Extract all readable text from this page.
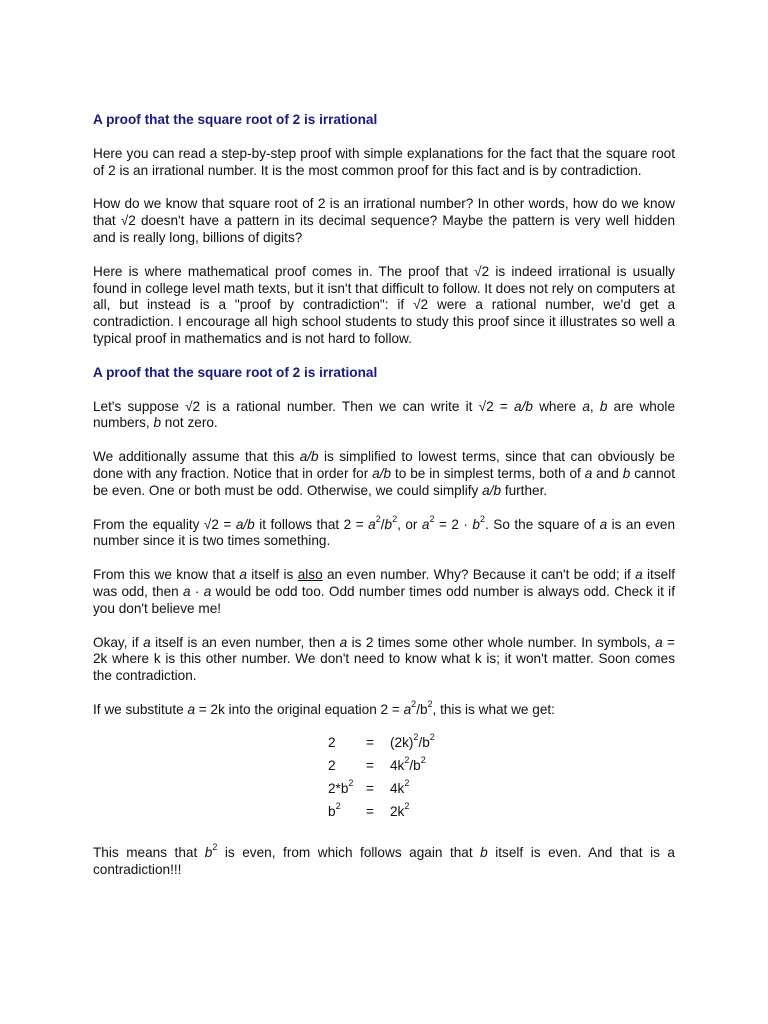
A proof that the square root of 2 is irrational

Here you can read a step-by-step proof with simple explanations for the fact that the square root of 2 is an irrational number. It is the most common proof for this fact and is by contradiction.

How do we know that square root of 2 is an irrational number? In other words, how do we know that √2 doesn't have a pattern in its decimal sequence? Maybe the pattern is very well hidden and is really long, billions of digits?

Here is where mathematical proof comes in. The proof that √2 is indeed irrational is usually found in college level math texts, but it isn't that difficult to follow. It does not rely on computers at all, but instead is a "proof by contradiction": if √2 were a rational number, we'd get a contradiction. I encourage all high school students to study this proof since it illustrates so well a typical proof in mathematics and is not hard to follow.

A proof that the square root of 2 is irrational

Let's suppose √2 is a rational number. Then we can write it √2 = a/b where a, b are whole numbers, b not zero.

We additionally assume that this a/b is simplified to lowest terms, since that can obviously be done with any fraction. Notice that in order for a/b to be in simplest terms, both of a and b cannot be even. One or both must be odd. Otherwise, we could simplify a/b further.

From the equality √2 = a/b it follows that $2 = a^2/b^2$, or $a^2 = 2 \cdot b^2$. So the square of a is an even number since it is two times something.

From this we know that a itself is also an even number. Why? Because it can't be odd; if a itself was odd, then a · a would be odd too. Odd number times odd number is always odd. Check it if you don't believe me!

Okay, if a itself is an even number, then a is 2 times some other whole number. In symbols, a = 2k where k is this other number. We don't need to know what k is; it won't matter. Soon comes the contradiction.

If we substitute a = 2k into the original equation $2 = a^2/b^2$, this is what we get:

2	=	$(2k)^2/b^2$
2	=	$4k^2/b^2$
$2*b^2$ =	$4k^2$
$b^2$	=	$2k^2$

This means that $b^2$ is even, from which follows again that b itself is even. And that is a contradiction!!!
